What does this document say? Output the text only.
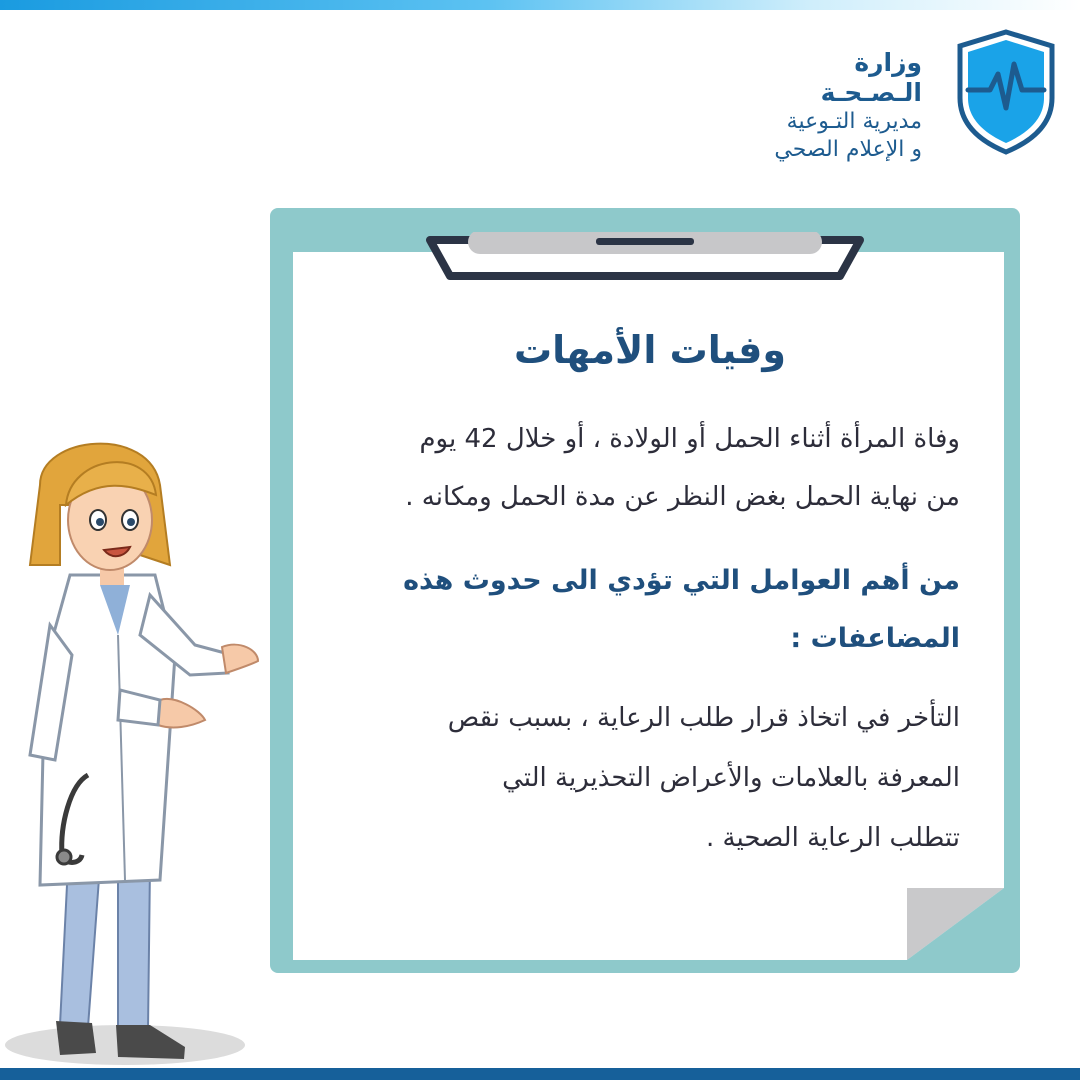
وزارة الـصـحـة
مديرية التـوعية
و الإعلام الصحي
وفيات الأمهات
وفاة المرأة أثناء الحمل أو الولادة ، أو خلال 42 يوم
من نهاية الحمل بغض النظر عن مدة الحمل ومكانه .
من أهم العوامل التي تؤدي الى حدوث هذه
المضاعفات :
التأخر في اتخاذ قرار طلب الرعاية ، بسبب نقص
المعرفة بالعلامات والأعراض التحذيرية التي
تتطلب الرعاية الصحية .
